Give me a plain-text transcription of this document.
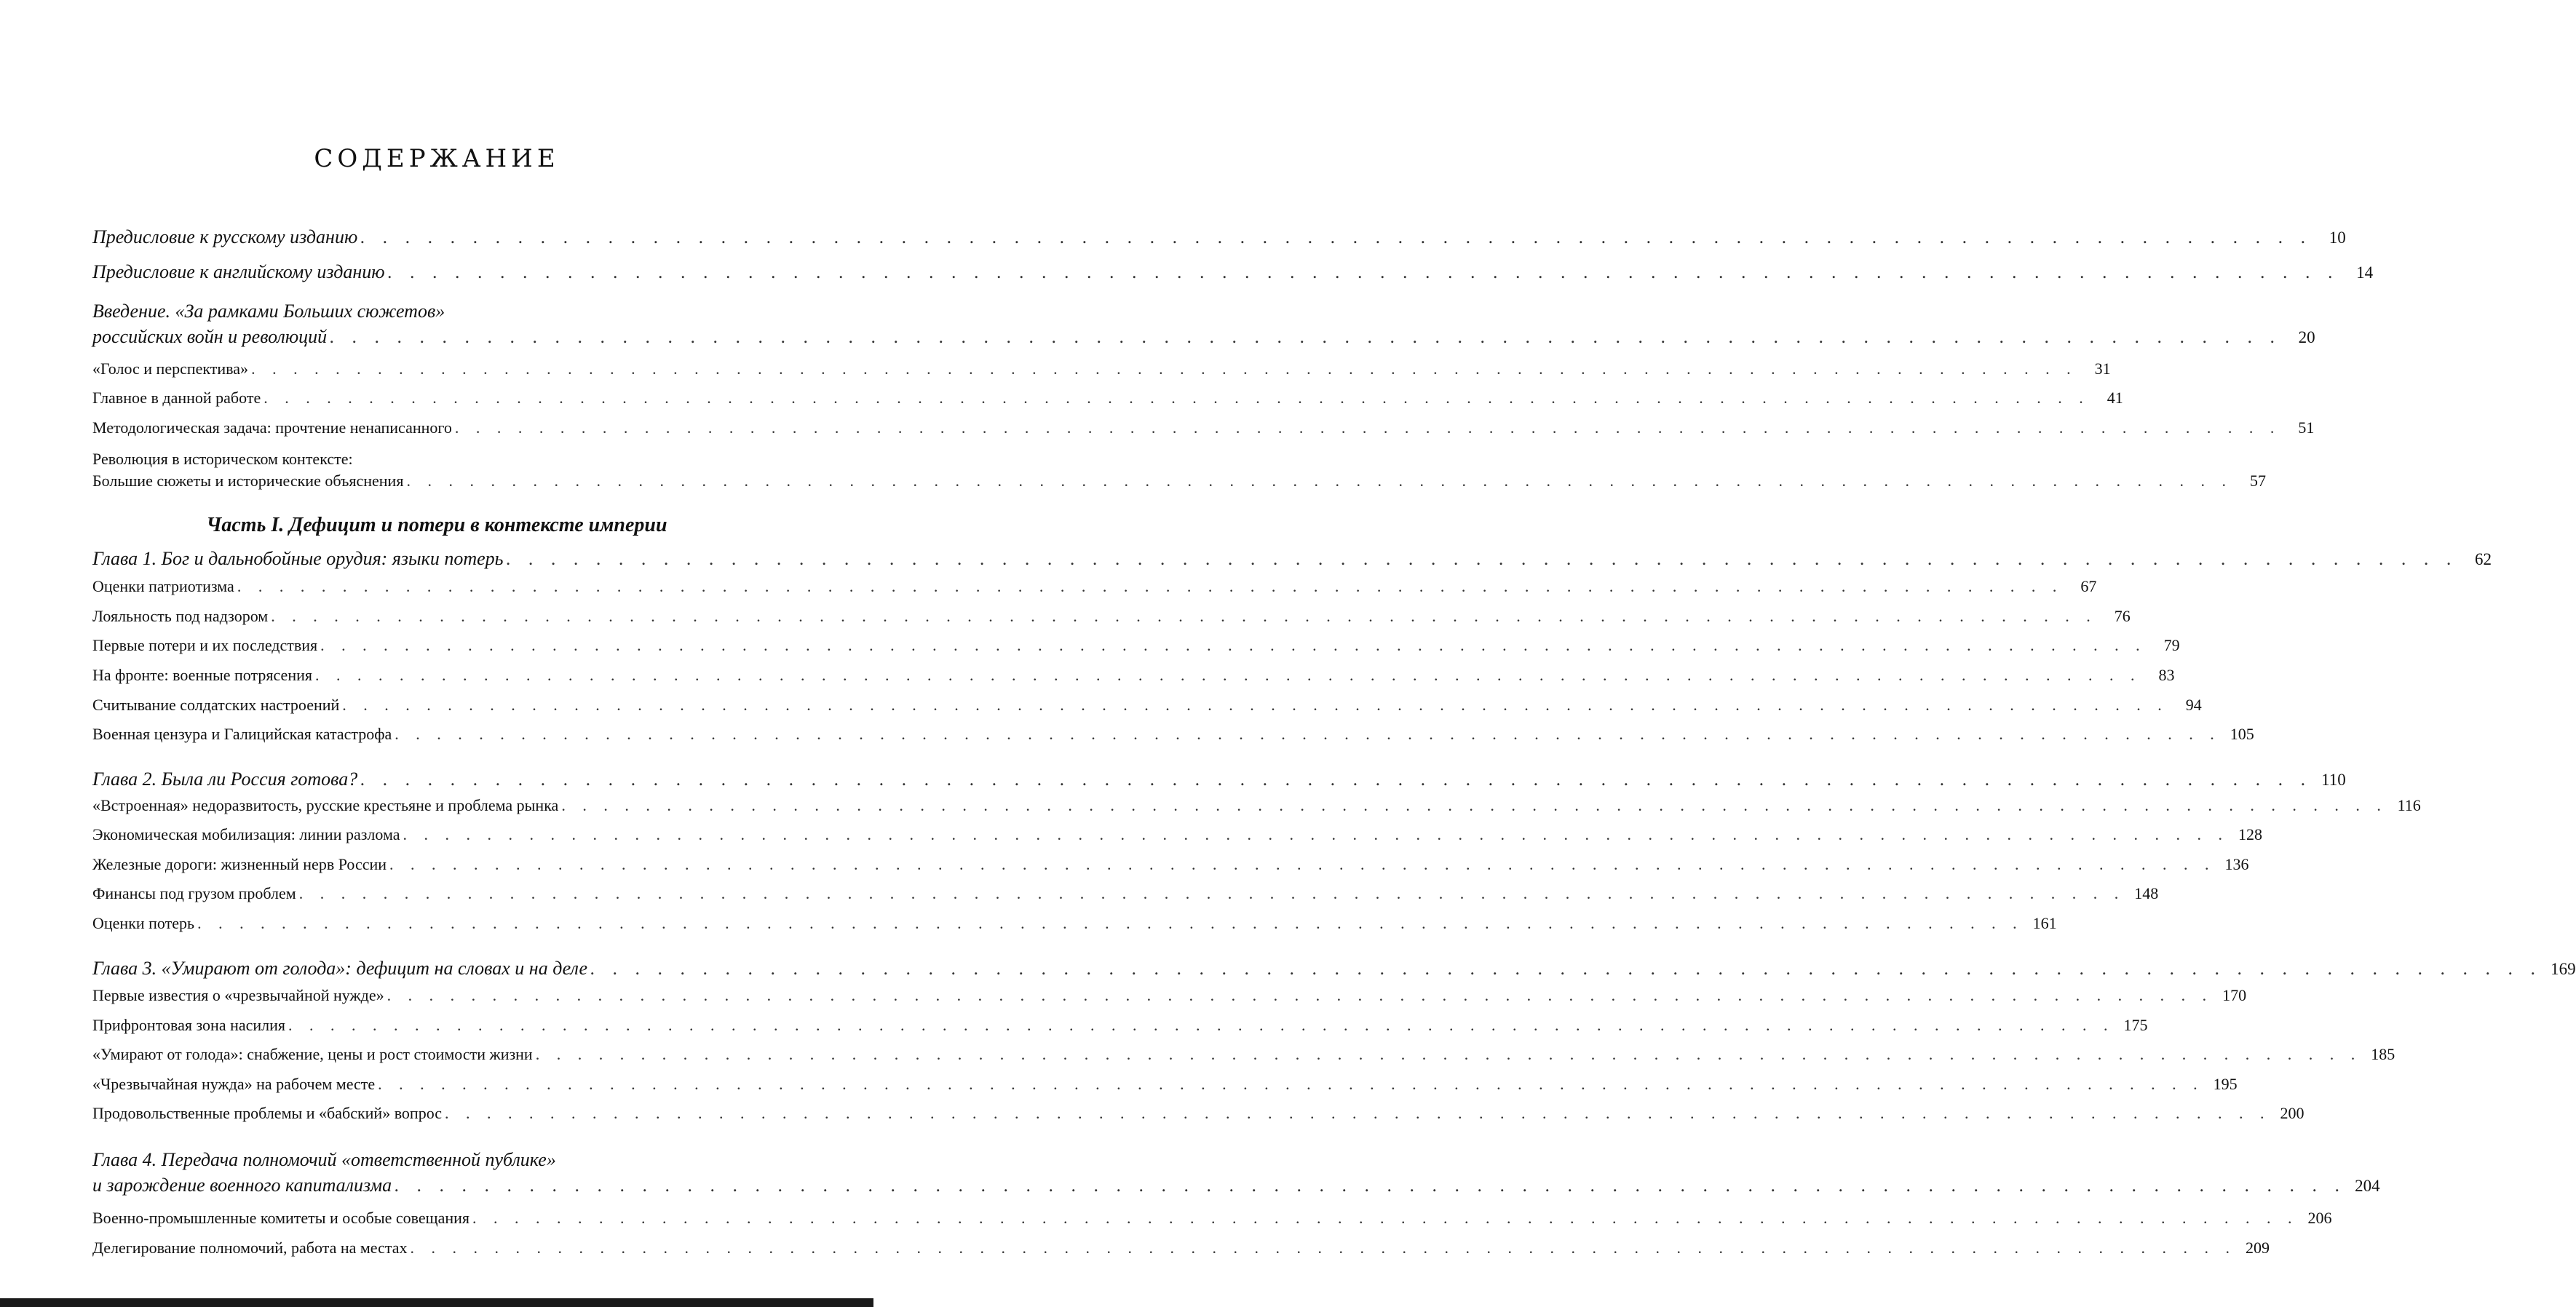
СОДЕРЖАНИЕ
Предисловие к русскому изданию . . .	10
Предисловие к английскому изданию . . .	14
Введение. «За рамками Больших сюжетов»
российских войн и революций . . .	20
«Голос и перспектива» . . .	31
Главное в данной работе . . .	41
Методологическая задача: прочтение ненаписанного . . .	51
Революция в историческом контексте:
Большие сюжеты и исторические объяснения . . .	57
Часть I. Дефицит и потери в контексте империи
Глава 1. Бог и дальнобойные орудия: языки потерь . . .	62
Оценки патриотизма . . .	67
Лояльность под надзором . . .	76
Первые потери и их последствия . . .	79
На фронте: военные потрясения . . .	83
Считывание солдатских настроений . . .	94
Военная цензура и Галицийская катастрофа . . .	105
Глава 2. Была ли Россия готова? . . .	110
«Встроенная» недоразвитость, русские крестьяне и проблема рынка . . .	116
Экономическая мобилизация: линии разлома . . .	128
Железные дороги: жизненный нерв России . . .	136
Финансы под грузом проблем . . .	148
Оценки потерь . . .	161
Глава 3. «Умирают от голода»: дефицит на словах и на деле . . .	169
Первые известия о «чрезвычайной нужде» . . .	170
Прифронтовая зона насилия . . .	175
«Умирают от голода»: снабжение, цены и рост стоимости жизни . . .	185
«Чрезвычайная нужда» на рабочем месте . . .	195
Продовольственные проблемы и «бабский» вопрос . . .	200
Глава 4. Передача полномочий «ответственной публике»
и зарождение военного капитализма . . .	204
Военно-промышленные комитеты и особые совещания . . .	206
Делегирование полномочий, работа на местах . . .	209
